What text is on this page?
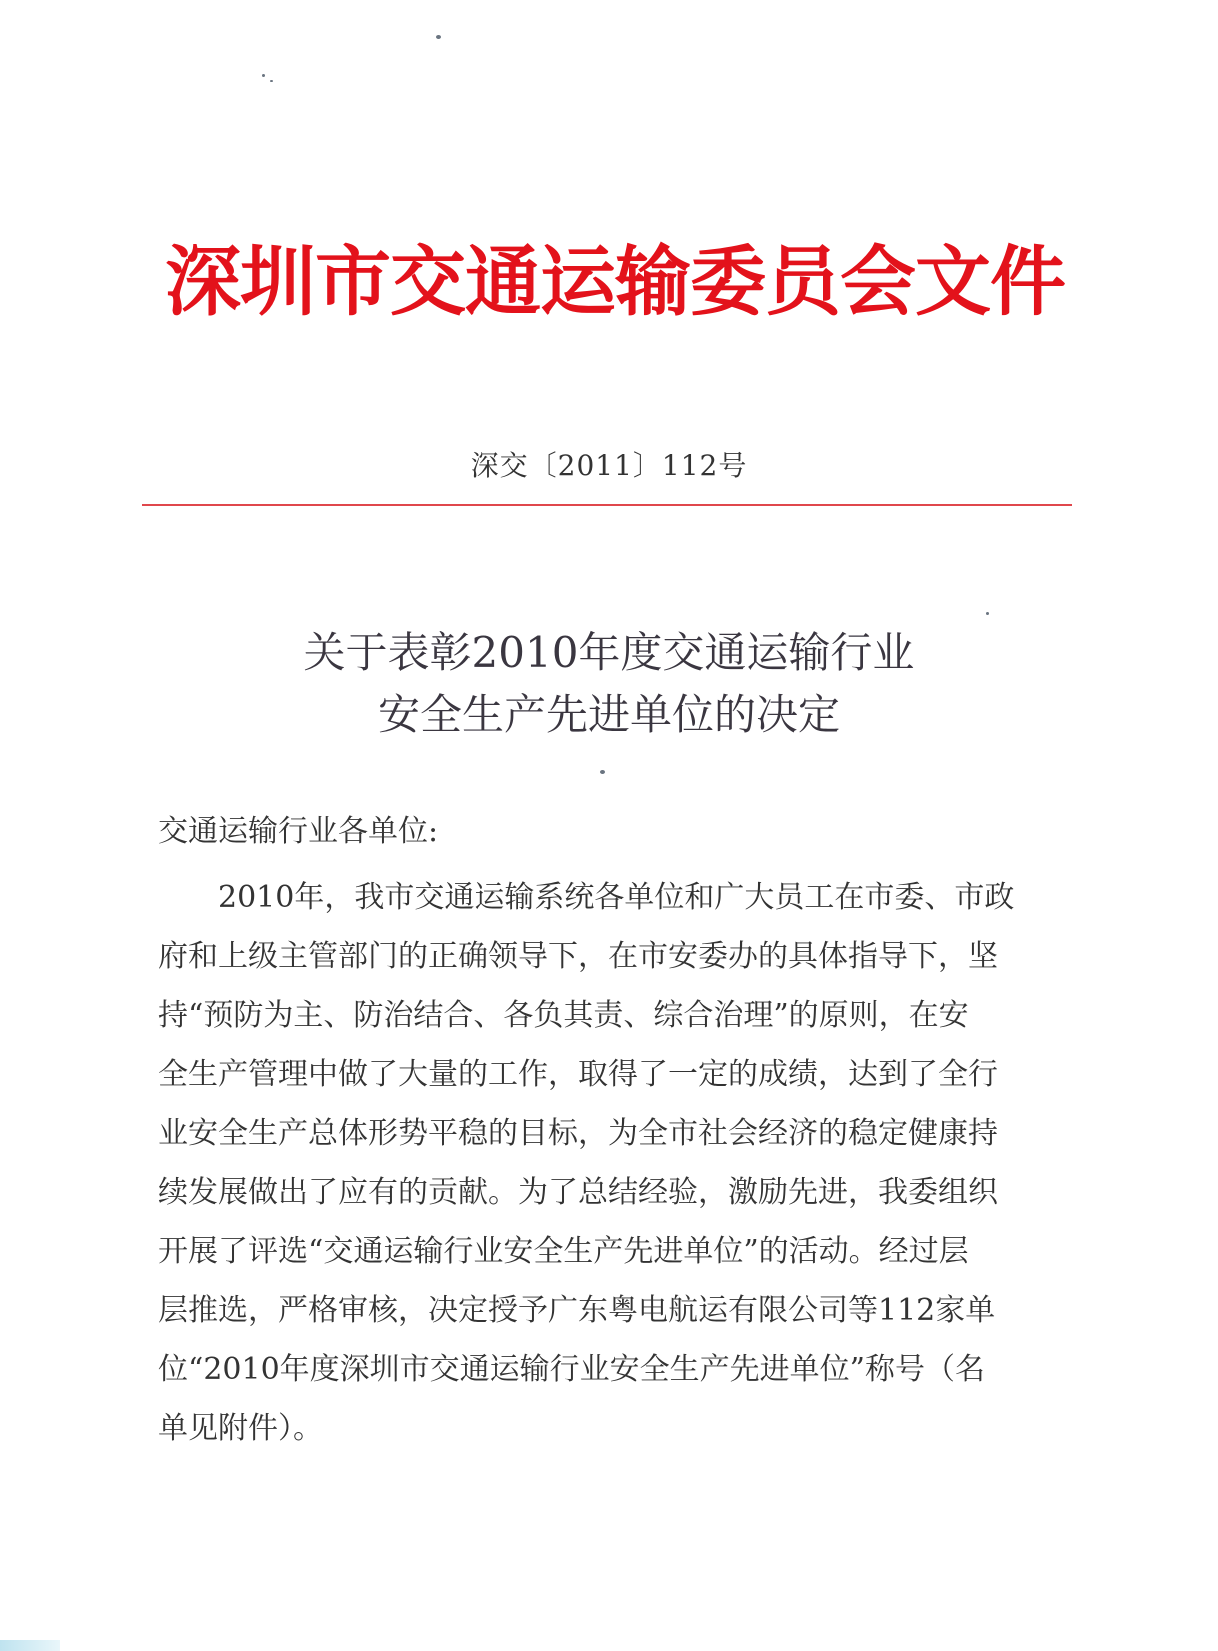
深圳市交通运输委员会文件
深交〔2011〕112号
关于表彰2010年度交通运输行业
安全生产先进单位的决定

交通运输行业各单位:

　　2010年，我市交通运输系统各单位和广大员工在市委、市政
府和上级主管部门的正确领导下，在市安委办的具体指导下，坚
持“预防为主、防治结合、各负其责、综合治理”的原则，在安
全生产管理中做了大量的工作，取得了一定的成绩，达到了全行
业安全生产总体形势平稳的目标，为全市社会经济的稳定健康持
续发展做出了应有的贡献。为了总结经验，激励先进，我委组织
开展了评选“交通运输行业安全生产先进单位”的活动。经过层
层推选，严格审核，决定授予广东粤电航运有限公司等112家单
位“2010年度深圳市交通运输行业安全生产先进单位”称号（名
单见附件）。
